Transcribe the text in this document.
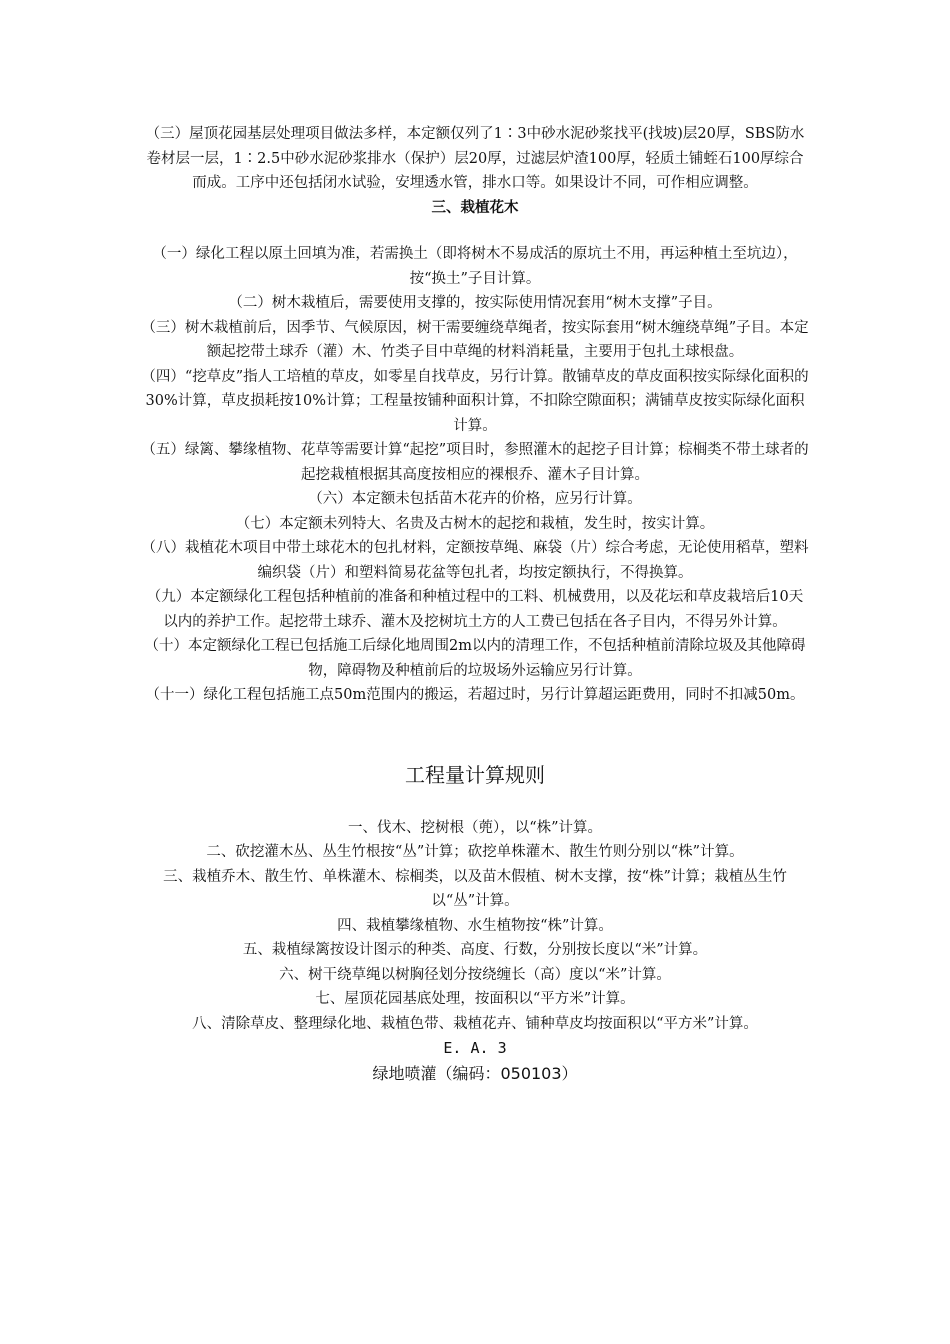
（三）屋顶花园基层处理项目做法多样，本定额仅列了1∶3中砂水泥砂浆找平(找坡)层20厚，SBS防水卷材层一层，1∶2.5中砂水泥砂浆排水（保护）层20厚，过滤层炉渣100厚，轻质土铺蛭石100厚综合而成。工序中还包括闭水试验，安埋透水管，排水口等。如果设计不同，可作相应调整。

三、栽植花木

（一）绿化工程以原土回填为准，若需换土（即将树木不易成活的原坑土不用，再运种植土至坑边），按“换土”子目计算。

（二）树木栽植后，需要使用支撑的，按实际使用情况套用“树木支撑”子目。

（三）树木栽植前后，因季节、气候原因，树干需要缠绕草绳者，按实际套用“树木缠绕草绳”子目。本定额起挖带土球乔（灌）木、竹类子目中草绳的材料消耗量，主要用于包扎土球根盘。

（四）“挖草皮”指人工培植的草皮，如零星自找草皮，另行计算。散铺草皮的草皮面积按实际绿化面积的30%计算，草皮损耗按10%计算；工程量按铺种面积计算，不扣除空隙面积；满铺草皮按实际绿化面积计算。

（五）绿篱、攀缘植物、花草等需要计算“起挖”项目时，参照灌木的起挖子目计算；棕榈类不带土球者的起挖栽植根据其高度按相应的裸根乔、灌木子目计算。

（六）本定额未包括苗木花卉的价格，应另行计算。

（七）本定额未列特大、名贵及古树木的起挖和栽植，发生时，按实计算。

（八）栽植花木项目中带土球花木的包扎材料，定额按草绳、麻袋（片）综合考虑，无论使用稻草，塑料编织袋（片）和塑料简易花盆等包扎者，均按定额执行，不得换算。

（九）本定额绿化工程包括种植前的准备和种植过程中的工料、机械费用，以及花坛和草皮栽培后10天以内的养护工作。起挖带土球乔、灌木及挖树坑土方的人工费已包括在各子目内，不得另外计算。

（十）本定额绿化工程已包括施工后绿化地周围2m以内的清理工作，不包括种植前清除垃圾及其他障碍物，障碍物及种植前后的垃圾场外运输应另行计算。

（十一）绿化工程包括施工点50m范围内的搬运，若超过时，另行计算超运距费用，同时不扣减50m。

工程量计算规则

一、伐木、挖树根（蔸），以“株”计算。

二、砍挖灌木丛、丛生竹根按“丛”计算；砍挖单株灌木、散生竹则分别以“株”计算。

三、栽植乔木、散生竹、单株灌木、棕榈类，以及苗木假植、树木支撑，按“株”计算；栽植丛生竹以“丛”计算。

四、栽植攀缘植物、水生植物按“株”计算。

五、栽植绿篱按设计图示的种类、高度、行数，分别按长度以“米”计算。

六、树干绕草绳以树胸径划分按绕缠长（高）度以“米”计算。

七、屋顶花园基底处理，按面积以“平方米”计算。

八、清除草皮、整理绿化地、栽植色带、栽植花卉、铺种草皮均按面积以“平方米”计算。

E. A. 3

绿地喷灌（编码：050103）
